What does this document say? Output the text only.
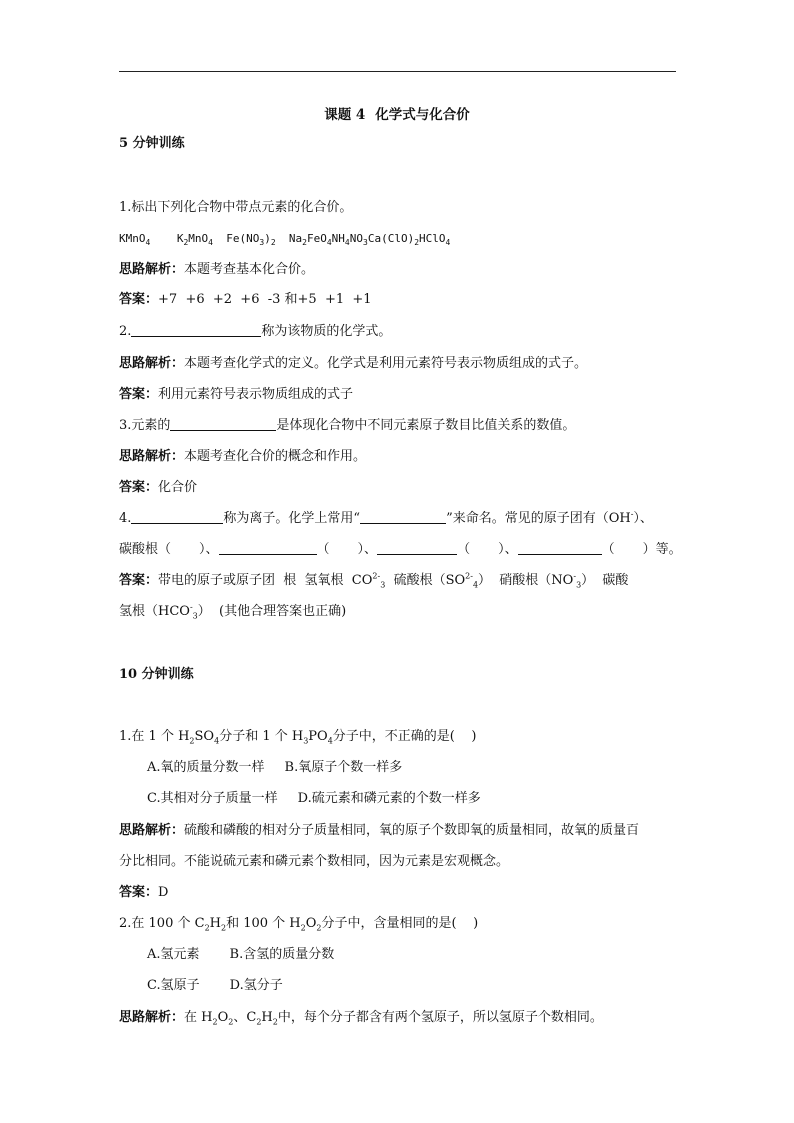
课题 4 化学式与化合价
5 分钟训练
1.标出下列化合物中带点元素的化合价。
KMnO$_4$ $K_2MnO_4$ $Fe(NO_3)_2$ $Na_2FeO_4NH_4NO_3Ca(ClO)_2HClO_4$
思路解析：本题考查基本化合价。
答案：+7  +6  +2  +6  -3 和+5  +1  +1
2.	称为该物质的化学式。
思路解析：本题考查化学式的定义。化学式是利用元素符号表示物质组成的式子。
答案：利用元素符号表示物质组成的式子
3.元素的	是体现化合物中不同元素原子数目比值关系的数值。
思路解析：本题考查化合价的概念和作用。
答案：化合价
4.	称为离子。化学上常用“	”来命名。常见的原子团有（OH-）、
碳酸根（ ）、	（ ）、	（ ）、	（ ）等。
答案：带电的原子或原子团  根  氢氧根  $CO^{2-}_3$  硫酸根$(SO^{2-}_4)$  硝酸根$(NO^-_3)$  碳酸
氢根$(HCO^-_3)$  (其他合理答案也正确)
10 分钟训练
1.在 1 个 $H_2SO_4$分子和 1 个 $H_3PO_4$分子中，不正确的是(    )
A.氧的质量分数一样 B.氧原子个数一样多
C.其相对分子质量一样 D.硫元素和磷元素的个数一样多
思路解析：硫酸和磷酸的相对分子质量相同，氧的原子个数即氧的质量相同，故氧的质量百
分比相同。不能说硫元素和磷元素个数相同，因为元素是宏观概念。
答案：D
2.在 100 个 $C_2H_2$和 100 个 $H_2O_2$分子中，含量相同的是(    )
A.氢元素 B.含氢的质量分数
C.氢原子 D.氢分子
思路解析：在 $H_2O_2$、$C_2H_2$中，每个分子都含有两个氢原子，所以氢原子个数相同。
